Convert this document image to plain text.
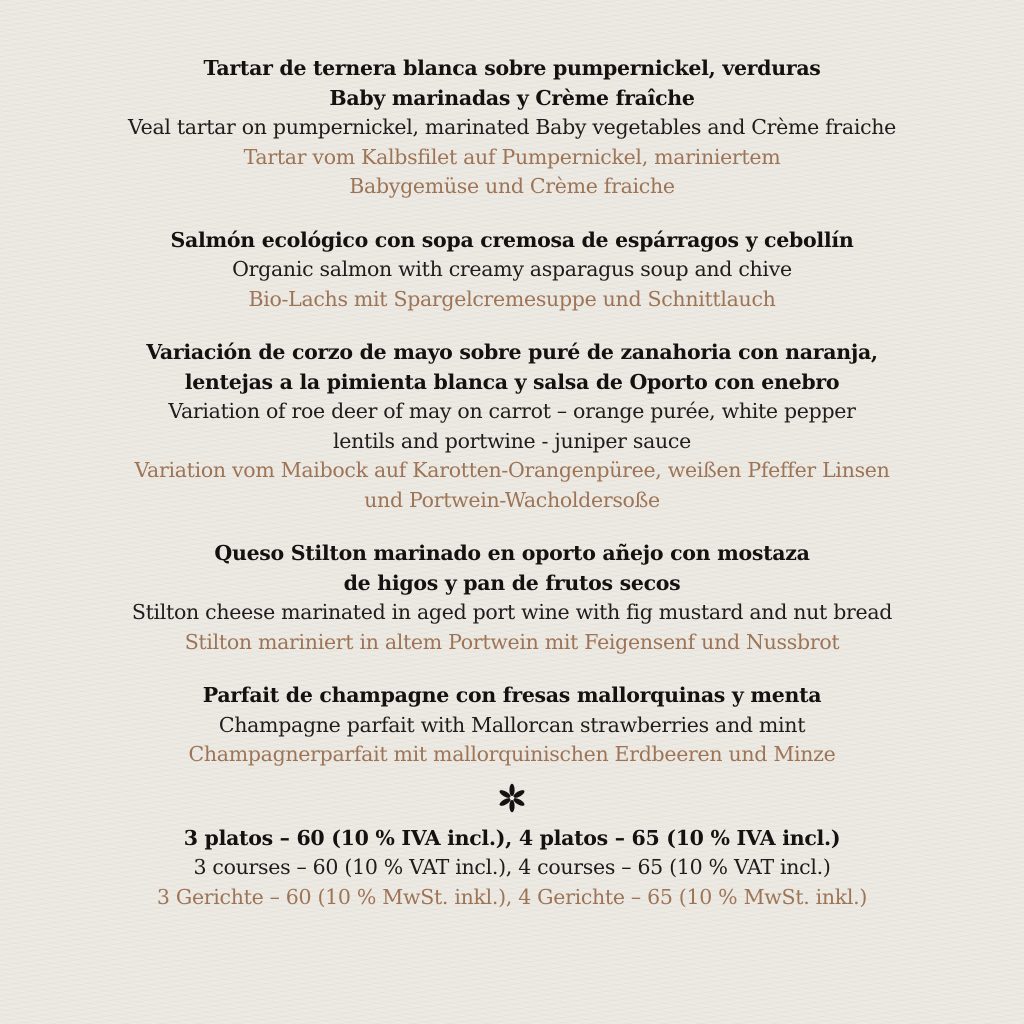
Tartar de ternera blanca sobre pumpernickel, verduras
Baby marinadas y Crème fraîche
Veal tartar on pumpernickel, marinated Baby vegetables and Crème fraiche
Tartar vom Kalbsfilet auf Pumpernickel, mariniertem
Babygemüse und Crème fraiche
Salmón ecológico con sopa cremosa de espárragos y cebollín
Organic salmon with creamy asparagus soup and chive
Bio-Lachs mit Spargelcremesuppe und Schnittlauch
Variación de corzo de mayo sobre puré de zanahoria con naranja,
lentejas a la pimienta blanca y salsa de Oporto con enebro
Variation of roe deer of may on carrot – orange purée, white pepper
lentils and portwine - juniper sauce
Variation vom Maibock auf Karotten-Orangenpüree, weißen Pfeffer Linsen
und Portwein-Wacholdersoße
Queso Stilton marinado en oporto añejo con mostaza
de higos y pan de frutos secos
Stilton cheese marinated in aged port wine with fig mustard and nut bread
Stilton mariniert in altem Portwein mit Feigensenf und Nussbrot
Parfait de champagne con fresas mallorquinas y menta
Champagne parfait with Mallorcan strawberries and mint
Champagnerparfait mit mallorquinischen Erdbeeren und Minze
3 platos – 60 (10 % IVA incl.), 4 platos – 65 (10 % IVA incl.)
3 courses – 60 (10 % VAT incl.), 4 courses – 65 (10 % VAT incl.)
3 Gerichte – 60 (10 % MwSt. inkl.), 4 Gerichte – 65 (10 % MwSt. inkl.)
